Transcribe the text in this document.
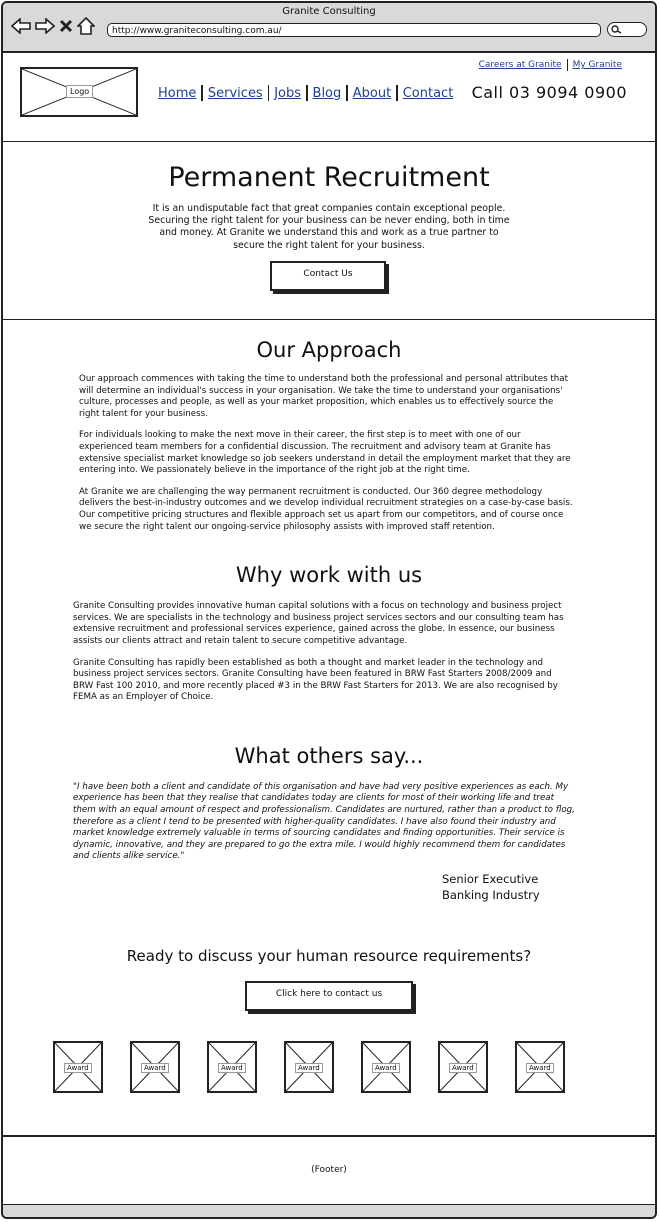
Granite Consulting
http://www.graniteconsulting.com.au/
Logo	Home Services Jobs Blog About Contact
Careers at Granite	My Granite
Call 03 9094 0900
Permanent Recruitment

It is an undisputable fact that great companies contain exceptional people. Securing the right talent for your business can be never ending, both in time and money. At Granite we understand this and work as a true partner to secure the right talent for your business.

Contact Us
Our Approach

Our approach commences with taking the time to understand both the professional and personal attributes that will determine an individual's success in your organisation. We take the time to understand your organisations' culture, processes and people, as well as your market proposition, which enables us to effectively source the right talent for your business.

For individuals looking to make the next move in their career, the first step is to meet with one of our experienced team members for a confidential discussion. The recruitment and advisory team at Granite has extensive specialist market knowledge so job seekers understand in detail the employment market that they are entering into. We passionately believe in the importance of the right job at the right time.

At Granite we are challenging the way permanent recruitment is conducted. Our 360 degree methodology delivers the best-in-industry outcomes and we develop individual recruitment strategies on a case-by-case basis. Our competitive pricing structures and flexible approach set us apart from our competitors, and of course once we secure the right talent our ongoing-service philosophy assists with improved staff retention.

Why work with us

Granite Consulting provides innovative human capital solutions with a focus on technology and business project services. We are specialists in the technology and business project services sectors and our consulting team has extensive recruitment and professional services experience, gained across the globe. In essence, our business assists our clients attract and retain talent to secure competitive advantage.

Granite Consulting has rapidly been established as both a thought and market leader in the technology and business project services sectors. Granite Consulting have been featured in BRW Fast Starters 2008/2009 and BRW Fast 100 2010, and more recently placed #3 in the BRW Fast Starters for 2013. We are also recognised by FEMA as an Employer of Choice.

What others say...

"I have been both a client and candidate of this organisation and have had very positive experiences as each. My experience has been that they realise that candidates today are clients for most of their working life and treat them with an equal amount of respect and professionalism. Candidates are nurtured, rather than a product to flog, therefore as a client I tend to be presented with higher-quality candidates. I have also found their industry and market knowledge extremely valuable in terms of sourcing candidates and finding opportunities. Their service is dynamic, innovative, and they are prepared to go the extra mile. I would highly recommend them for candidates and clients alike service."

Senior Executive
Banking Industry
Ready to discuss your human resource requirements?
Click here to contact us
Award	Award	Award	Award	Award	Award	Award
(Footer)
